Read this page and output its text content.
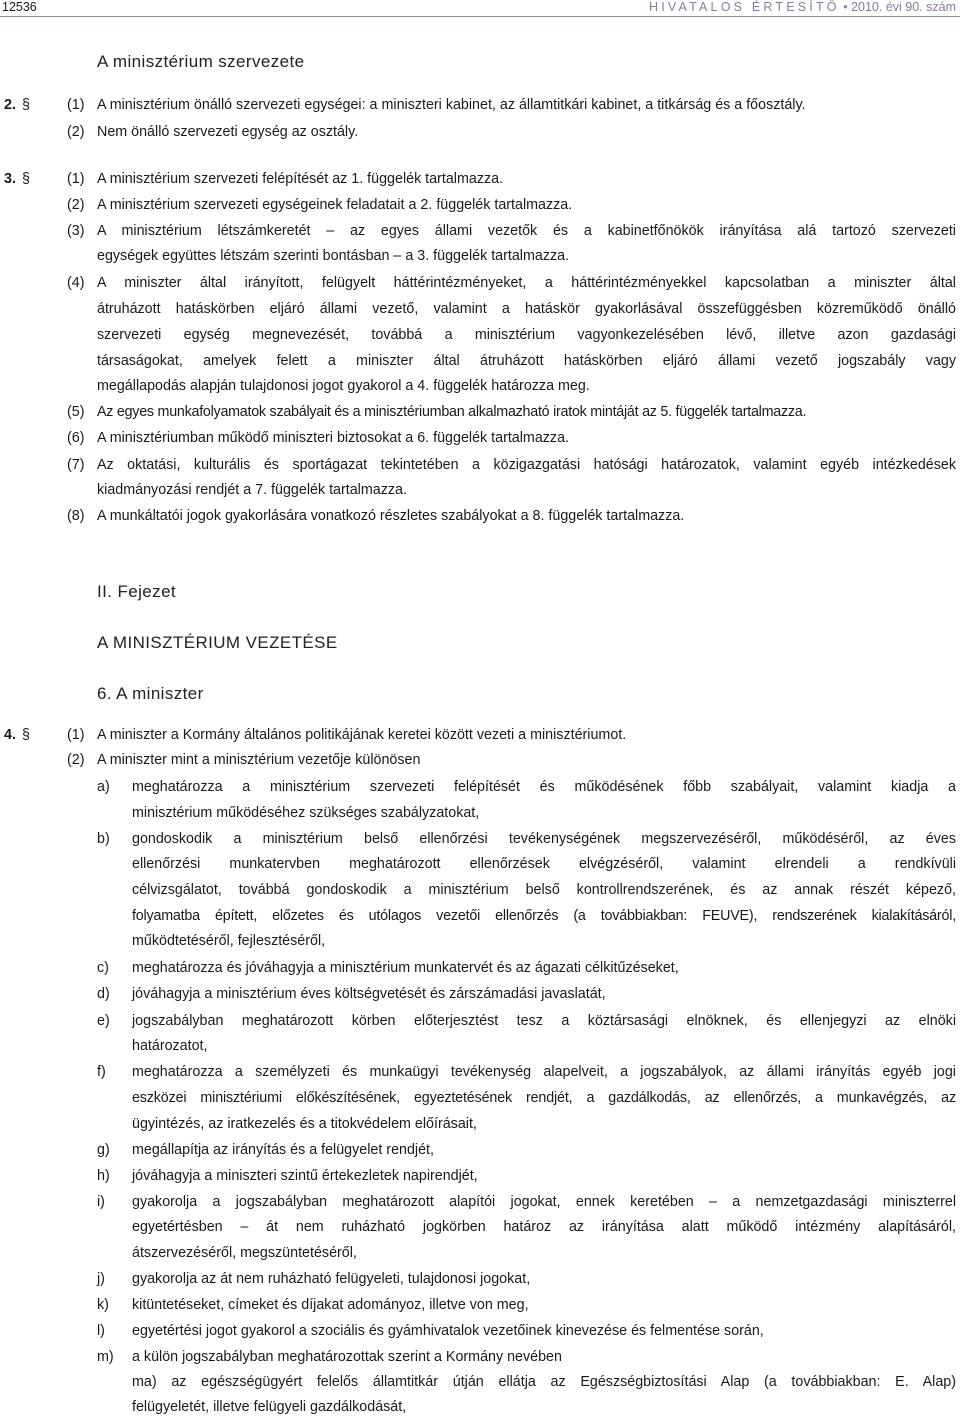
12536	HIVATALOS ÉRTESÍTŐ • 2010. évi 90. szám
A minisztérium szervezete
2. §	(1) A minisztérium önálló szervezeti egységei: a miniszteri kabinet, az államtitkári kabinet, a titkárság és a főosztály.
(2) Nem önálló szervezeti egység az osztály.
3. §	(1) A minisztérium szervezeti felépítését az 1. függelék tartalmazza.
(2) A minisztérium szervezeti egységeinek feladatait a 2. függelék tartalmazza.
(3) A minisztérium létszámkeretét – az egyes állami vezetők és a kabinetfőnökök irányítása alá tartozó szervezeti
egységek együttes létszám szerinti bontásban – a 3. függelék tartalmazza.
(4) A miniszter által irányított, felügyelt háttérintézményeket, a háttérintézményekkel kapcsolatban a miniszter által
átruházott hatáskörben eljáró állami vezető, valamint a hatáskör gyakorlásával összefüggésben közreműködő önálló
szervezeti egység megnevezését, továbbá a minisztérium vagyonkezelésében lévő, illetve azon gazdasági
társaságokat, amelyek felett a miniszter által átruházott hatáskörben eljáró állami vezető jogszabály vagy
megállapodás alapján tulajdonosi jogot gyakorol a 4. függelék határozza meg.
(5) Az egyes munkafolyamatok szabályait és a minisztériumban alkalmazható iratok mintáját az 5. függelék tartalmazza.
(6) A minisztériumban működő miniszteri biztosokat a 6. függelék tartalmazza.
(7) Az oktatási, kulturális és sportágazat tekintetében a közigazgatási hatósági határozatok, valamint egyéb intézkedések
kiadmányozási rendjét a 7. függelék tartalmazza.
(8) A munkáltatói jogok gyakorlására vonatkozó részletes szabályokat a 8. függelék tartalmazza.
II. Fejezet
A MINISZTÉRIUM VEZETÉSE
6. A miniszter
4. §	(1) A miniszter a Kormány általános politikájának keretei között vezeti a minisztériumot.
(2) A miniszter mint a minisztérium vezetője különösen
a) meghatározza a minisztérium szervezeti felépítését és működésének főbb szabályait, valamint kiadja a
minisztérium működéséhez szükséges szabályzatokat,
b) gondoskodik a minisztérium belső ellenőrzési tevékenységének megszervezéséről, működéséről, az éves
ellenőrzési munkatervben meghatározott ellenőrzések elvégzéséről, valamint elrendeli a rendkívüli
célvizsgálatot, továbbá gondoskodik a minisztérium belső kontrollrendszerének, és az annak részét képező,
folyamatba épített, előzetes és utólagos vezetői ellenőrzés (a továbbiakban: FEUVE), rendszerének kialakításáról,
működtetéséről, fejlesztéséről,
c) meghatározza és jóváhagyja a minisztérium munkatervét és az ágazati célkitűzéseket,
d) jóváhagyja a minisztérium éves költségvetését és zárszámadási javaslatát,
e) jogszabályban meghatározott körben előterjesztést tesz a köztársasági elnöknek, és ellenjegyzi az elnöki
határozatot,
f) meghatározza a személyzeti és munkaügyi tevékenység alapelveit, a jogszabályok, az állami irányítás egyéb jogi
eszközei minisztériumi előkészítésének, egyeztetésének rendjét, a gazdálkodás, az ellenőrzés, a munkavégzés, az
ügyintézés, az iratkezelés és a titokvédelem előírásait,
g) megállapítja az irányítás és a felügyelet rendjét,
h) jóváhagyja a miniszteri szintű értekezletek napirendjét,
i) gyakorolja a jogszabályban meghatározott alapítói jogokat, ennek keretében – a nemzetgazdasági miniszterrel
egyetértésben – át nem ruházható jogkörben határoz az irányítása alatt működő intézmény alapításáról,
átszervezéséről, megszüntetéséről,
j) gyakorolja az át nem ruházható felügyeleti, tulajdonosi jogokat,
k) kitüntetéseket, címeket és díjakat adományoz, illetve von meg,
l) egyetértési jogot gyakorol a szociális és gyámhivatalok vezetőinek kinevezése és felmentése során,
m) a külön jogszabályban meghatározottak szerint a Kormány nevében
ma) az egészségügyért felelős államtitkár útján ellátja az Egészségbiztosítási Alap (a továbbiakban: E. Alap)
felügyeletét, illetve felügyeli gazdálkodását,
